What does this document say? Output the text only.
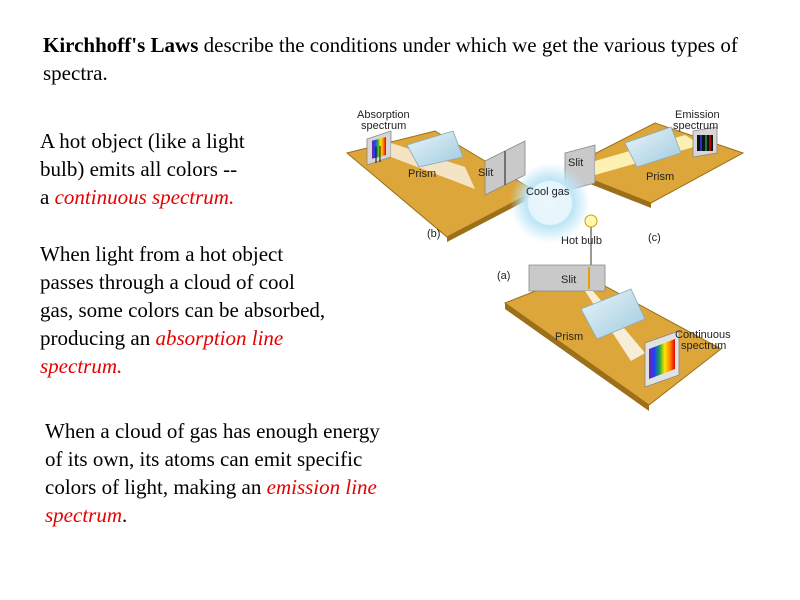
Kirchhoff's Laws describe the conditions under which we get the various types of spectra.

A hot object (like a light
bulb) emits all colors --
a continuous spectrum.

When light from a hot object
passes through a cloud of cool
gas, some colors can be absorbed,
producing an absorption line
spectrum.

When a cloud of gas has enough energy
of its own, its atoms can emit specific
colors of light, making an emission line
spectrum.

Absorption
spectrum
Emission
spectrum
Prism	Slit
Slit
Prism
Cool gas
(b)	(c)
Hot bulb
(a)	Slit
Prism	Continuous
spectrum
